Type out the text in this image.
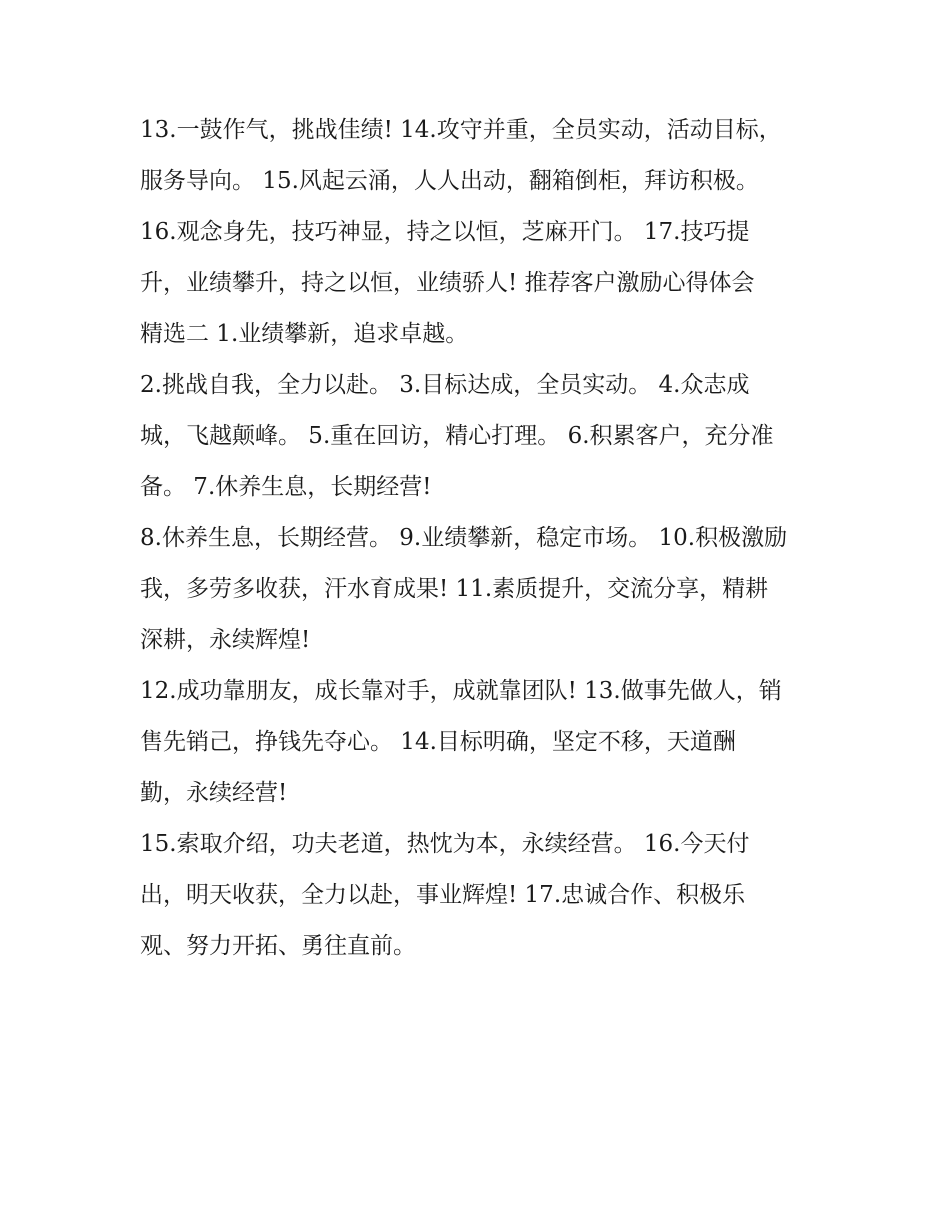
13.一鼓作气，挑战佳绩! 14.攻守并重，全员实动，活动目标，
服务导向。 15.风起云涌，人人出动，翻箱倒柜，拜访积极。
16.观念身先，技巧神显，持之以恒，芝麻开门。 17.技巧提
升，业绩攀升，持之以恒，业绩骄人! 推荐客户激励心得体会
精选二 1.业绩攀新，追求卓越。
2.挑战自我，全力以赴。 3.目标达成，全员实动。 4.众志成
城，飞越颠峰。 5.重在回访，精心打理。 6.积累客户，充分准
备。 7.休养生息，长期经营!
8.休养生息，长期经营。 9.业绩攀新，稳定市场。 10.积极激励
我，多劳多收获，汗水育成果! 11.素质提升，交流分享，精耕
深耕，永续辉煌!
12.成功靠朋友，成长靠对手，成就靠团队! 13.做事先做人，销
售先销己，挣钱先夺心。 14.目标明确，坚定不移，天道酬
勤，永续经营!
15.索取介绍，功夫老道，热忱为本，永续经营。 16.今天付
出，明天收获，全力以赴，事业辉煌! 17.忠诚合作、积极乐
观、努力开拓、勇往直前。
